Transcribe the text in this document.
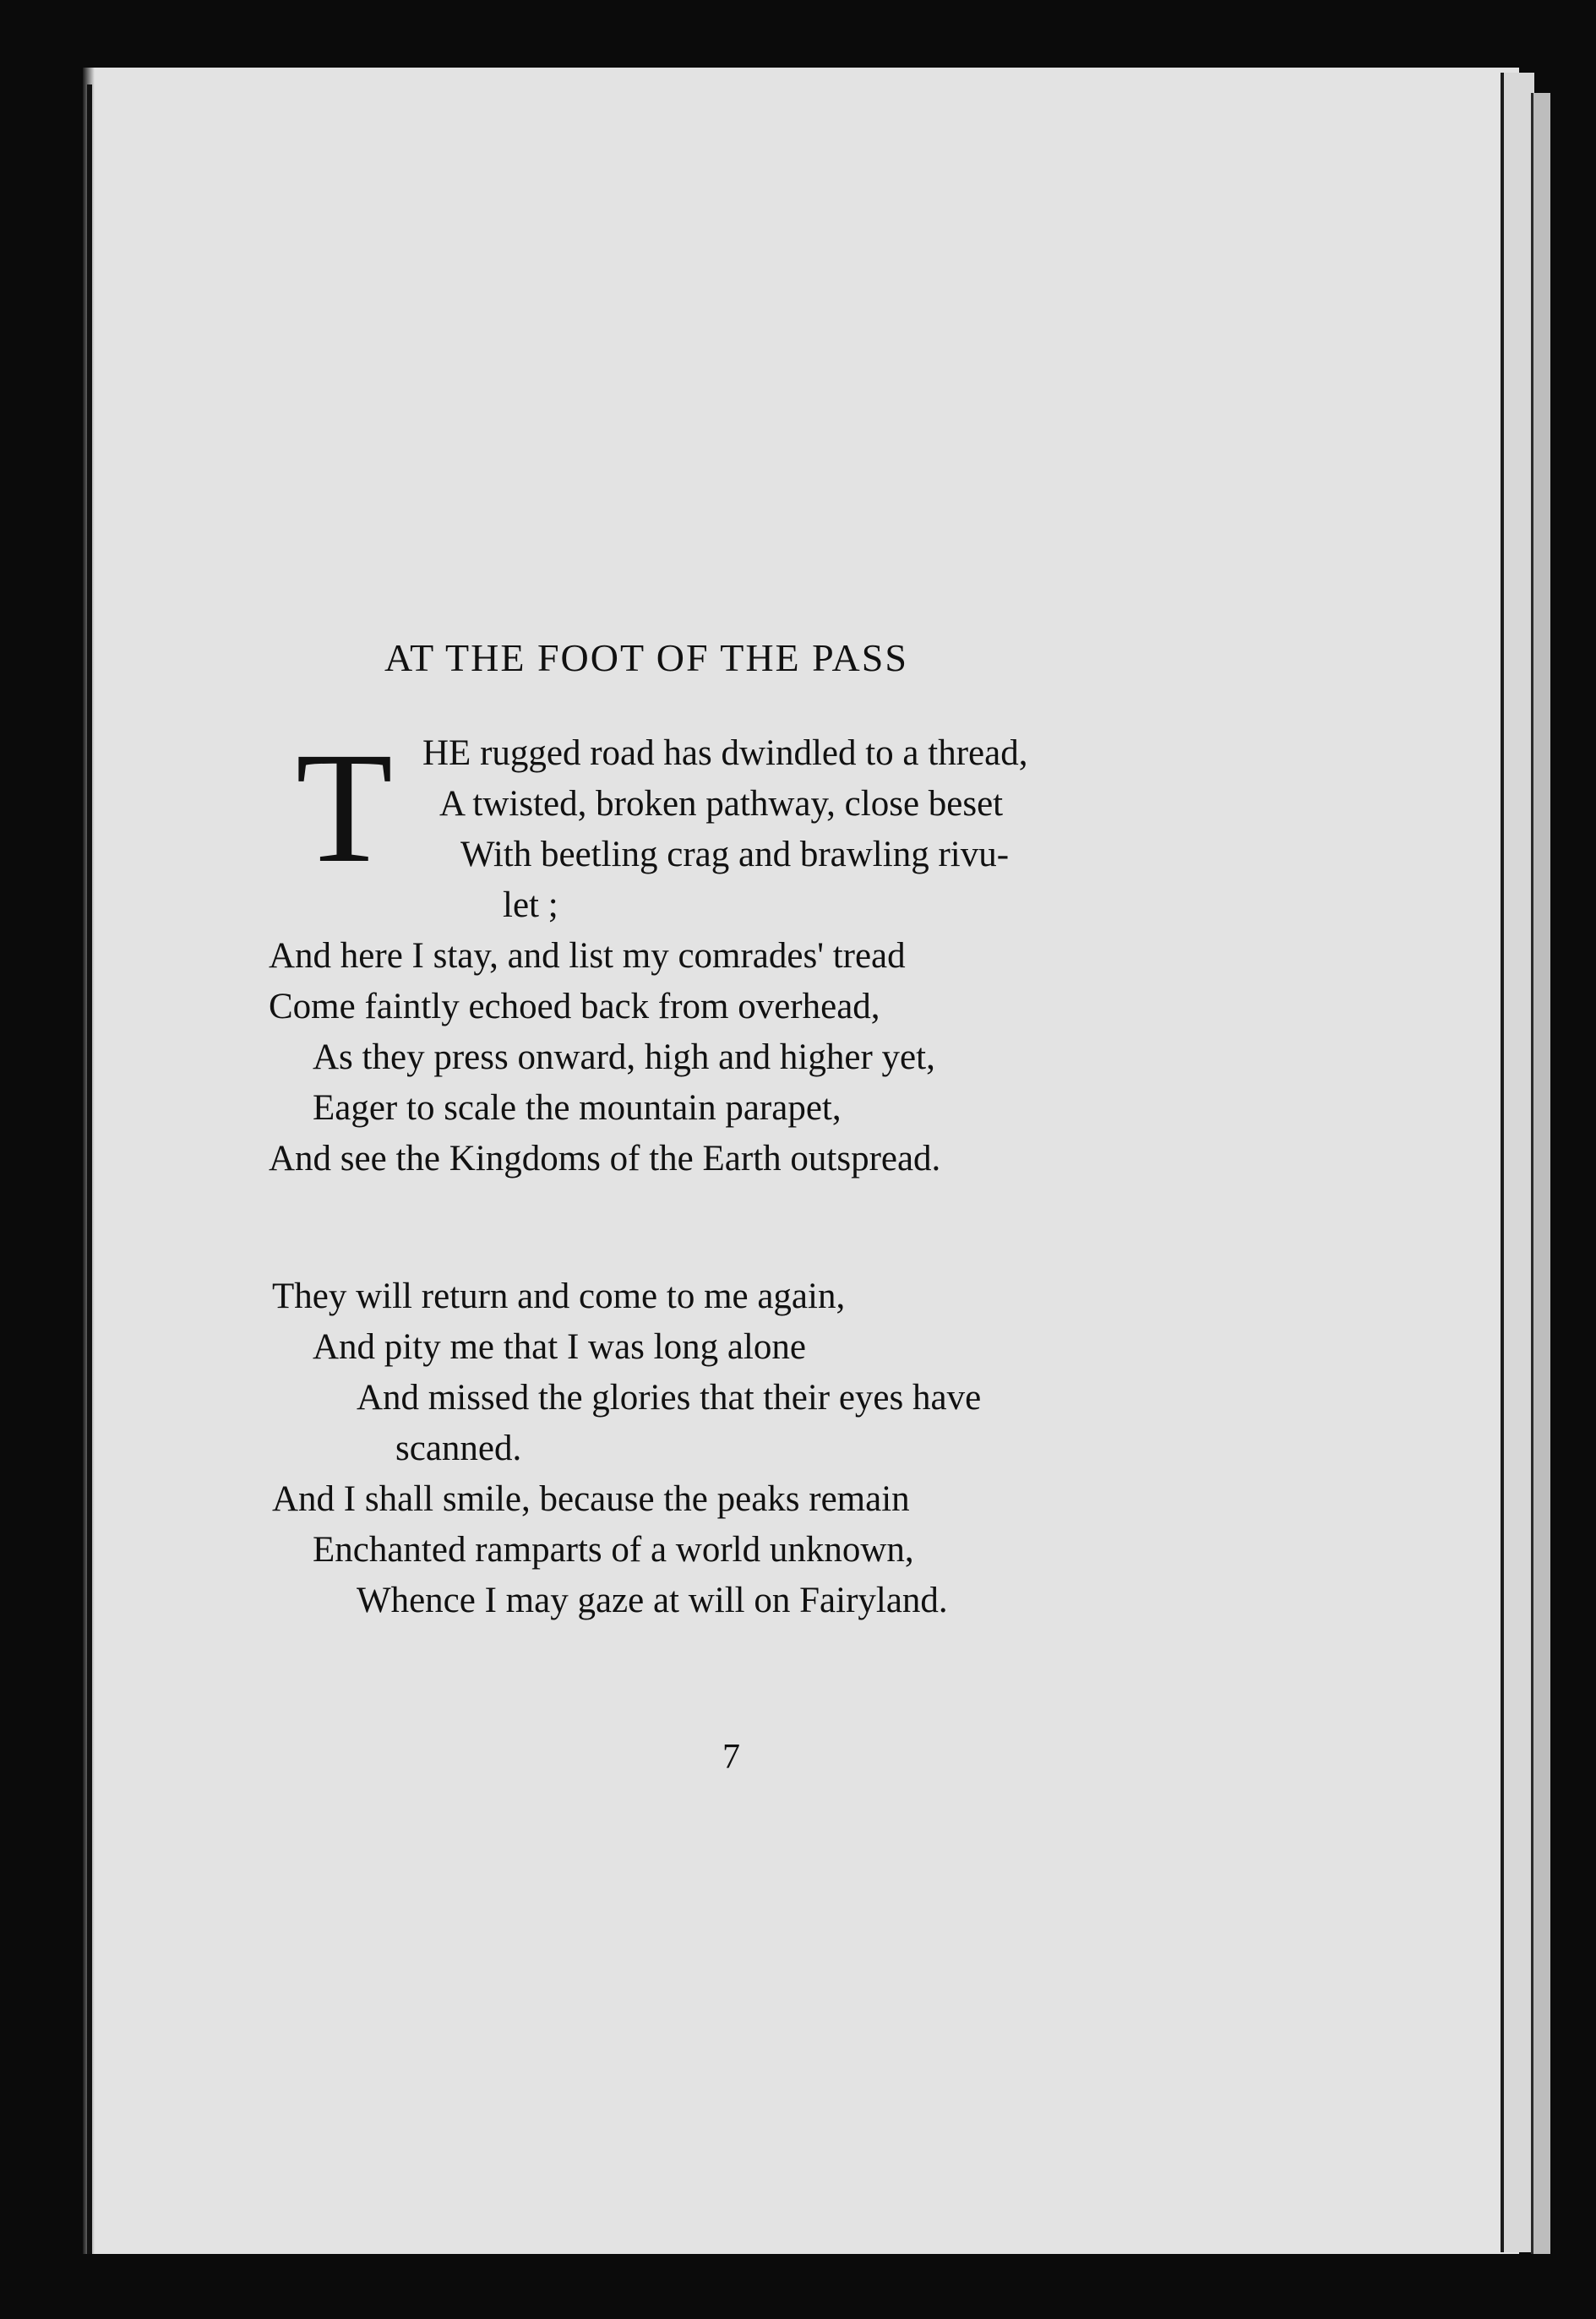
AT THE FOOT OF THE PASS
T HE rugged road has dwindled to a thread,
A twisted, broken pathway, close beset
With beetling crag and brawling rivu-
let ;
And here I stay, and list my comrades' tread
Come faintly echoed back from overhead,
As they press onward, high and higher yet,
Eager to scale the mountain parapet,
And see the Kingdoms of the Earth outspread.
They will return and come to me again,
And pity me that I was long alone
And missed the glories that their eyes have
scanned.
And I shall smile, because the peaks remain
Enchanted ramparts of a world unknown,
Whence I may gaze at will on Fairyland.
7
